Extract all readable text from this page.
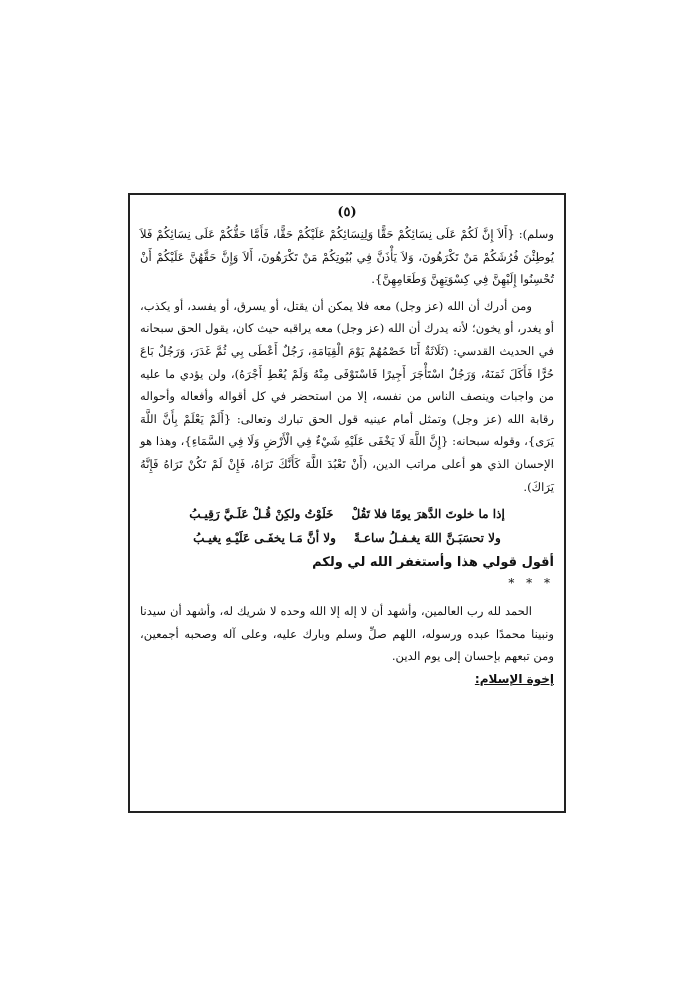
(٥)

وسلم): {أَلاَ إِنَّ لَكُمْ عَلَى نِسَائِكُمْ حَقًّا وَلِنِسَائِكُمْ عَلَيْكُمْ حَقًّا، فَأَمَّا حَقُّكُمْ عَلَى نِسَائِكُمْ فَلاَ يُوطِئْنَ فُرُشَكُمْ مَنْ تَكْرَهُونَ، وَلاَ يَأْذَنَّ فِي بُيُوتِكُمْ مَنْ تَكْرَهُونَ، أَلاَ وَإِنَّ حَقَّهُنَّ عَلَيْكُمْ أَنْ تُحْسِنُوا إِلَيْهِنَّ فِي كِسْوَتِهِنَّ وَطَعَامِهِنَّ}.

ومن أدرك أن الله (عز وجل) معه فلا يمكن أن يقتل، أو يسرق، أو يفسد، أو يكذب، أو يغدر، أو يخون؛ لأنه يدرك أن الله (عز وجل) معه يراقبه حيث كان، يقول الحق سبحانه في الحديث القدسي: (ثَلَاثَةٌ أَنَا خَصْمُهُمْ يَوْمَ الْقِيَامَةِ، رَجُلٌ أَعْطَى بِي ثُمَّ غَدَرَ، وَرَجُلٌ بَاعَ حُرًّا فَأَكَلَ ثَمَنَهُ، وَرَجُلٌ اسْتَأْجَرَ أَجِيرًا فَاسْتَوْفَى مِنْهُ وَلَمْ يُعْطِ أَجْرَهُ)، ولن يؤدي ما عليه من واجبات وينصف الناس من نفسه، إلا من استحضر في كل أقواله وأفعاله وأحواله رقابة الله (عز وجل) وتمثل أمام عينيه قول الحق تبارك وتعالى: {أَلَمْ يَعْلَمْ بِأَنَّ اللَّهَ يَرَى}، وقوله سبحانه: {إِنَّ اللَّهَ لَا يَخْفَى عَلَيْهِ شَيْءٌ فِي الْأَرْضِ وَلَا فِي السَّمَاءِ}، وهذا هو الإحسان الذي هو أعلى مراتب الدين، (أَنْ تَعْبُدَ اللَّهَ كَأَنَّكَ تَرَاهُ، فَإِنْ لَمْ تَكُنْ تَرَاهُ فَإِنَّهُ يَرَاكَ).

إذا ما خلوتَ الدَّهرَ يومًا فلا تَقُلْ
خَلَوْتُ ولكِنْ قُـلْ عَلَـيَّ رَقِيـبُ
ولا تحسَبَـنَّ اللهَ يغـفـلُ ساعـةً
ولا أنَّ مَـا يخفَـى عَلَيْـهِ يغيـبُ
أقول قولي هذا وأستغفر الله لي ولكم
* * *

الحمد لله رب العالمين، وأشهد أن لا إله إلا الله وحده لا شريك له، وأشهد أن سيدنا ونبينا محمدًا عبده ورسوله، اللهم صلِّ وسلم وبارك عليه، وعلى آله وصحبه أجمعين، ومن تبعهم بإحسان إلى يوم الدين.

إخوة الإسلام:
